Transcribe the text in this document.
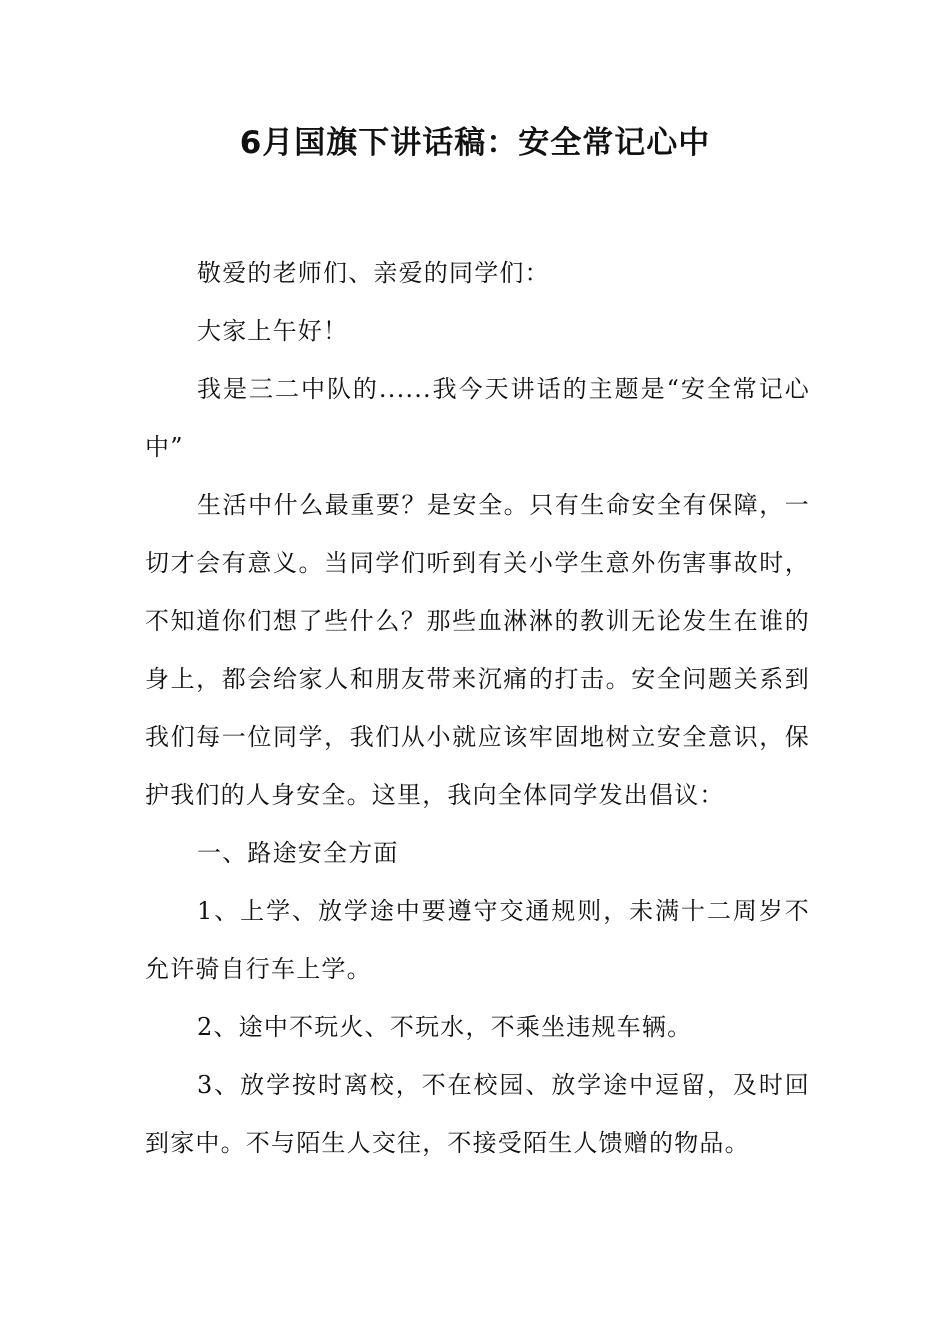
6月国旗下讲话稿：安全常记心中

敬爱的老师们、亲爱的同学们：

大家上午好！

我是三二中队的......我今天讲话的主题是“安全常记心中”

生活中什么最重要？是安全。只有生命安全有保障，一切才会有意义。当同学们听到有关小学生意外伤害事故时，不知道你们想了些什么？那些血淋淋的教训无论发生在谁的身上，都会给家人和朋友带来沉痛的打击。安全问题关系到我们每一位同学，我们从小就应该牢固地树立安全意识，保护我们的人身安全。这里，我向全体同学发出倡议：

一、路途安全方面

1、上学、放学途中要遵守交通规则，未满十二周岁不允许骑自行车上学。

2、途中不玩火、不玩水，不乘坐违规车辆。

3、放学按时离校，不在校园、放学途中逗留，及时回到家中。不与陌生人交往，不接受陌生人馈赠的物品。
